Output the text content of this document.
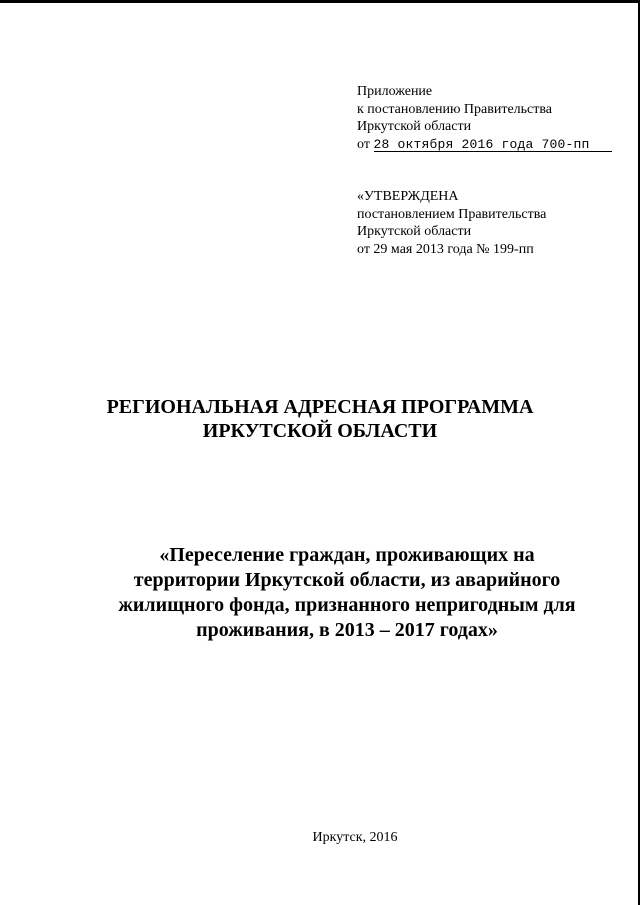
Приложение
к постановлению Правительства
Иркутской области
от 28 октября 2016 года 700-пп
«УТВЕРЖДЕНА
постановлением Правительства
Иркутской области
от 29 мая 2013 года № 199-пп
РЕГИОНАЛЬНАЯ АДРЕСНАЯ ПРОГРАММА
ИРКУТСКОЙ ОБЛАСТИ
«Переселение граждан, проживающих на
территории Иркутской области, из аварийного
жилищного фонда, признанного непригодным для
проживания, в 2013 – 2017 годах»
Иркутск, 2016
